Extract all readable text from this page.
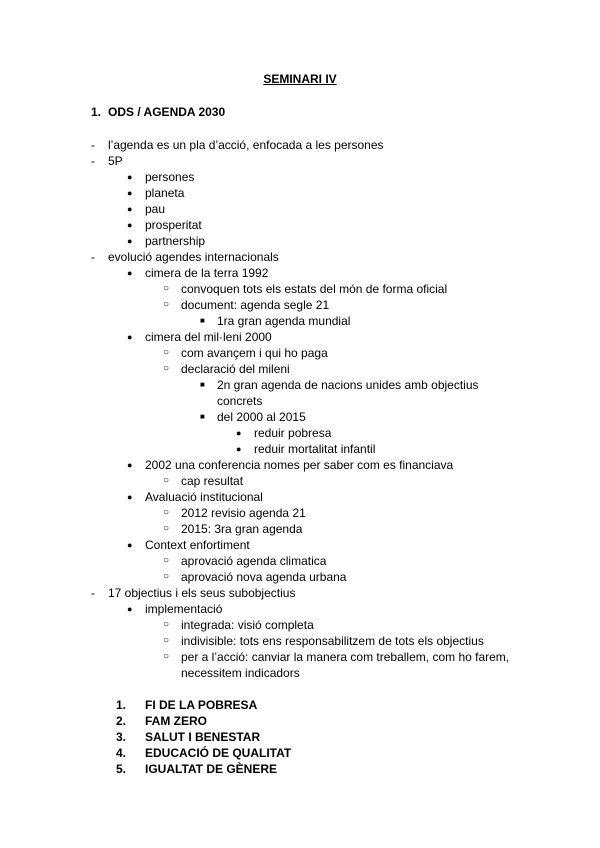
SEMINARI IV
1. ODS / AGENDA 2030
- l’agenda es un pla d’acció, enfocada a les persones
- 5P
● persones
● planeta
● pau
● prosperitat
● partnership
- evolució agendes internacionals
● cimera de la terra 1992
○ convoquen tots els estats del món de forma oficial
○ document: agenda segle 21
■ 1ra gran agenda mundial
● cimera del mil·leni 2000
○ com avançem i qui ho paga
○ declaració del mileni
■ 2n gran agenda de nacions unides amb objectius
concrets
■ del 2000 al 2015
● reduir pobresa
● reduir mortalitat infantil
● 2002 una conferencia nomes per saber com es financiava
○ cap resultat
● Avaluació institucional
○ 2012 revisio agenda 21
○ 2015: 3ra gran agenda
● Context enfortiment
○ aprovació agenda climatica
○ aprovació nova agenda urbana
- 17 objectius i els seus subobjectius
● implementació
○ integrada: visió completa
○ indivisible: tots ens responsabilitzem de tots els objectius
○ per a l’acció: canviar la manera com treballem, com ho farem,
necessitem indicadors
1. FI DE LA POBRESA
2. FAM ZERO
3. SALUT I BENESTAR
4. EDUCACIÓ DE QUALITAT
5. IGUALTAT DE GÈNERE
